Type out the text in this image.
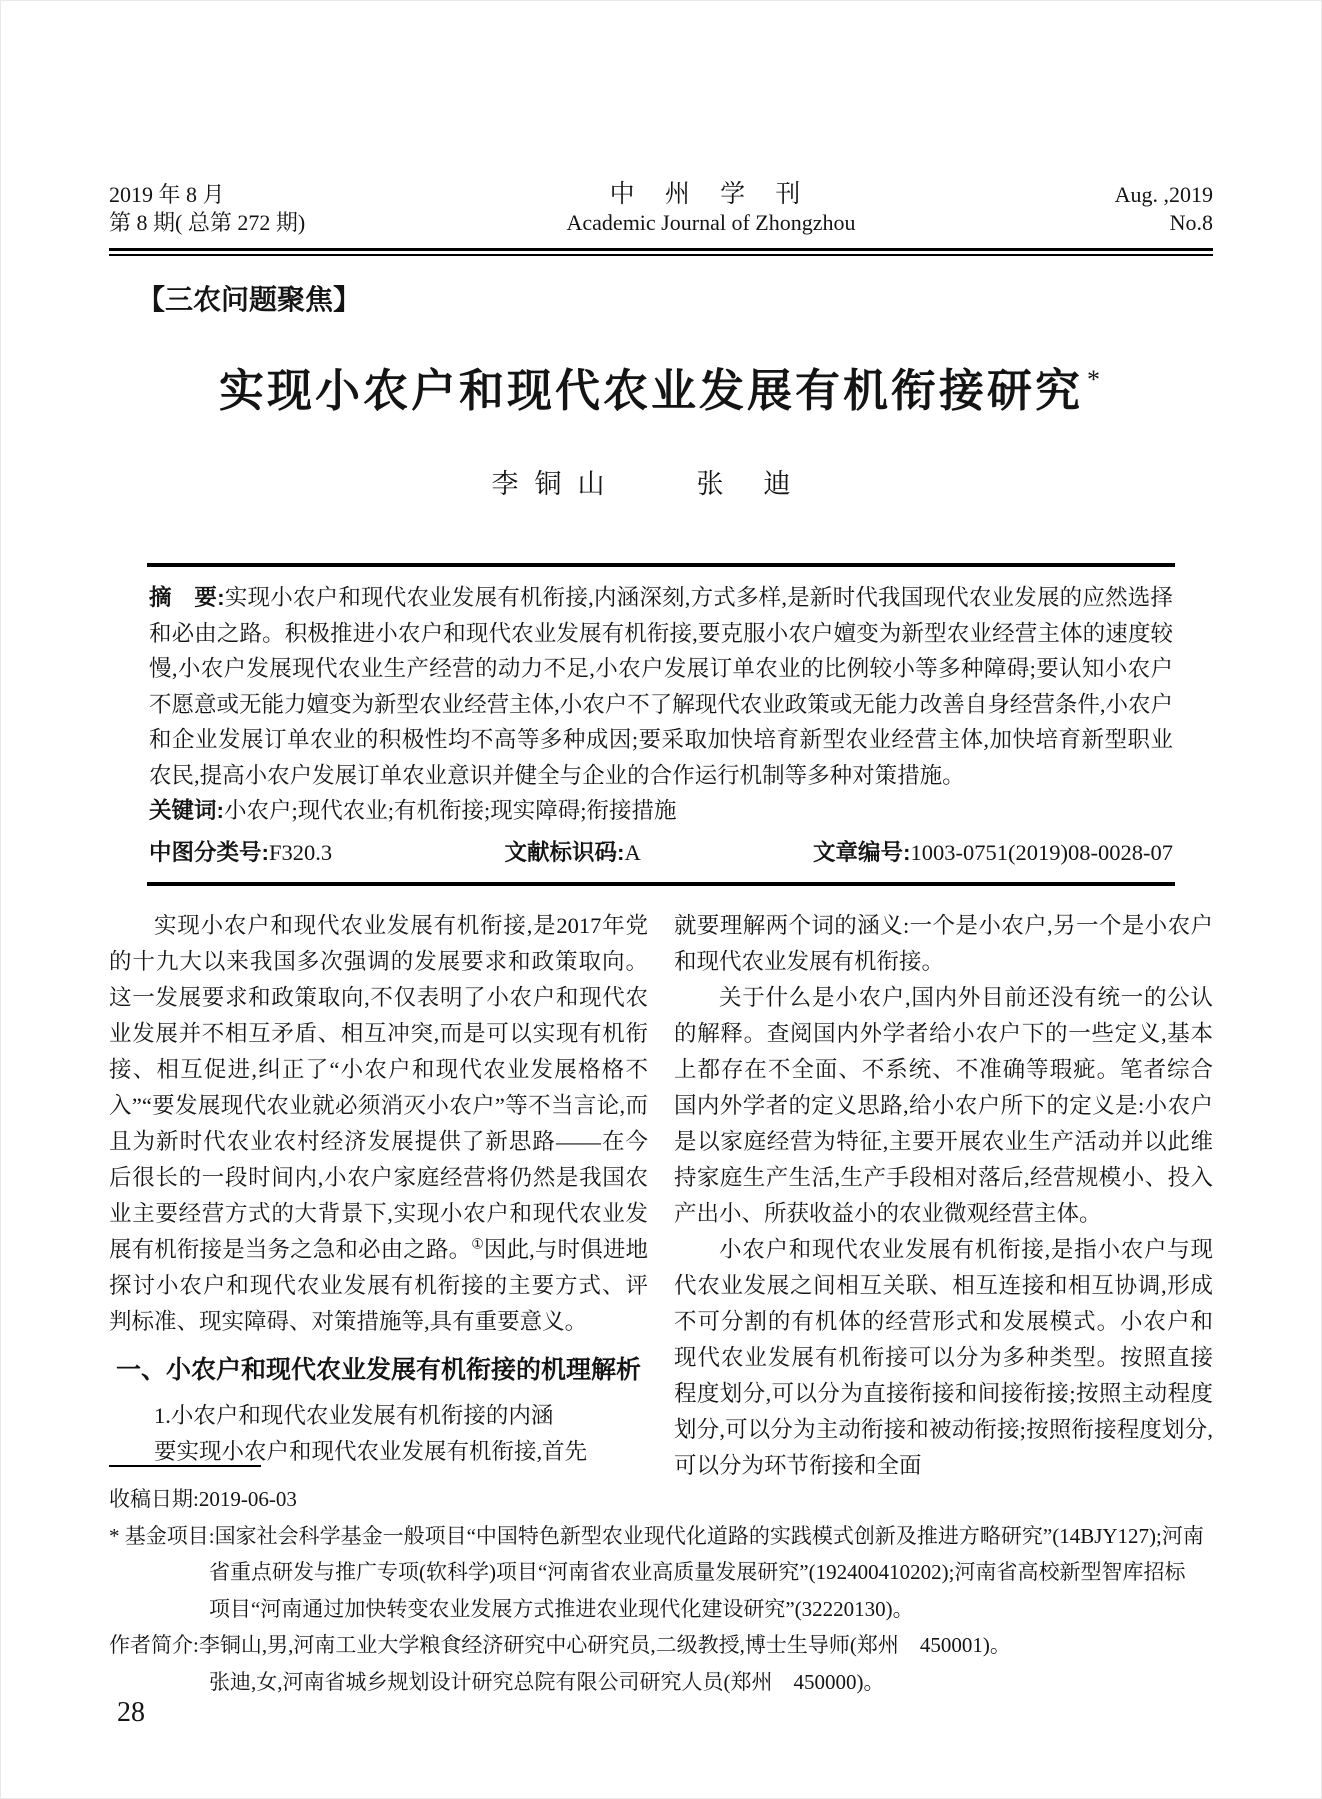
2019 年 8 月
第 8 期( 总第 272 期)
中 州 学 刊
Academic Journal of Zhongzhou
Aug. ,2019
No.8
【三农问题聚焦】
实现小农户和现代农业发展有机衔接研究 *
李铜山	张迪

摘　要:实现小农户和现代农业发展有机衔接,内涵深刻,方式多样,是新时代我国现代农业发展的应然选择和必由之路。积极推进小农户和现代农业发展有机衔接,要克服小农户嬗变为新型农业经营主体的速度较慢,小农户发展现代农业生产经营的动力不足,小农户发展订单农业的比例较小等多种障碍;要认知小农户不愿意或无能力嬗变为新型农业经营主体,小农户不了解现代农业政策或无能力改善自身经营条件,小农户和企业发展订单农业的积极性均不高等多种成因;要采取加快培育新型农业经营主体,加快培育新型职业农民,提高小农户发展订单农业意识并健全与企业的合作运行机制等多种对策措施。

关键词:小农户;现代农业;有机衔接;现实障碍;衔接措施

中图分类号:F320.3	文献标识码:A	文章编号:1003-0751(2019)08-0028-07

实现小农户和现代农业发展有机衔接,是2017年党的十九大以来我国多次强调的发展要求和政策取向。这一发展要求和政策取向,不仅表明了小农户和现代农业发展并不相互矛盾、相互冲突,而是可以实现有机衔接、相互促进,纠正了“小农户和现代农业发展格格不入”“要发展现代农业就必须消灭小农户”等不当言论,而且为新时代农业农村经济发展提供了新思路——在今后很长的一段时间内,小农户家庭经营将仍然是我国农业主要经营方式的大背景下,实现小农户和现代农业发展有机衔接是当务之急和必由之路。①因此,与时俱进地探讨小农户和现代农业发展有机衔接的主要方式、评判标准、现实障碍、对策措施等,具有重要意义。

一、小农户和现代农业发展有机衔接的机理解析

1.小农户和现代农业发展有机衔接的内涵

要实现小农户和现代农业发展有机衔接,首先

就要理解两个词的涵义:一个是小农户,另一个是小农户和现代农业发展有机衔接。

关于什么是小农户,国内外目前还没有统一的公认的解释。查阅国内外学者给小农户下的一些定义,基本上都存在不全面、不系统、不准确等瑕疵。笔者综合国内外学者的定义思路,给小农户所下的定义是:小农户是以家庭经营为特征,主要开展农业生产活动并以此维持家庭生产生活,生产手段相对落后,经营规模小、投入产出小、所获收益小的农业微观经营主体。

小农户和现代农业发展有机衔接,是指小农户与现代农业发展之间相互关联、相互连接和相互协调,形成不可分割的有机体的经营形式和发展模式。小农户和现代农业发展有机衔接可以分为多种类型。按照直接程度划分,可以分为直接衔接和间接衔接;按照主动程度划分,可以分为主动衔接和被动衔接;按照衔接程度划分,可以分为环节衔接和全面

收稿日期:2019-06-03
* 基金项目:国家社会科学基金一般项目“中国特色新型农业现代化道路的实践模式创新及推进方略研究”(14BJY127);河南
省重点研发与推广专项(软科学)项目“河南省农业高质量发展研究”(192400410202);河南省高校新型智库招标
项目“河南通过加快转变农业发展方式推进农业现代化建设研究”(32220130)。
作者简介:李铜山,男,河南工业大学粮食经济研究中心研究员,二级教授,博士生导师(郑州　450001)。
张迪,女,河南省城乡规划设计研究总院有限公司研究人员(郑州　450000)。
28
